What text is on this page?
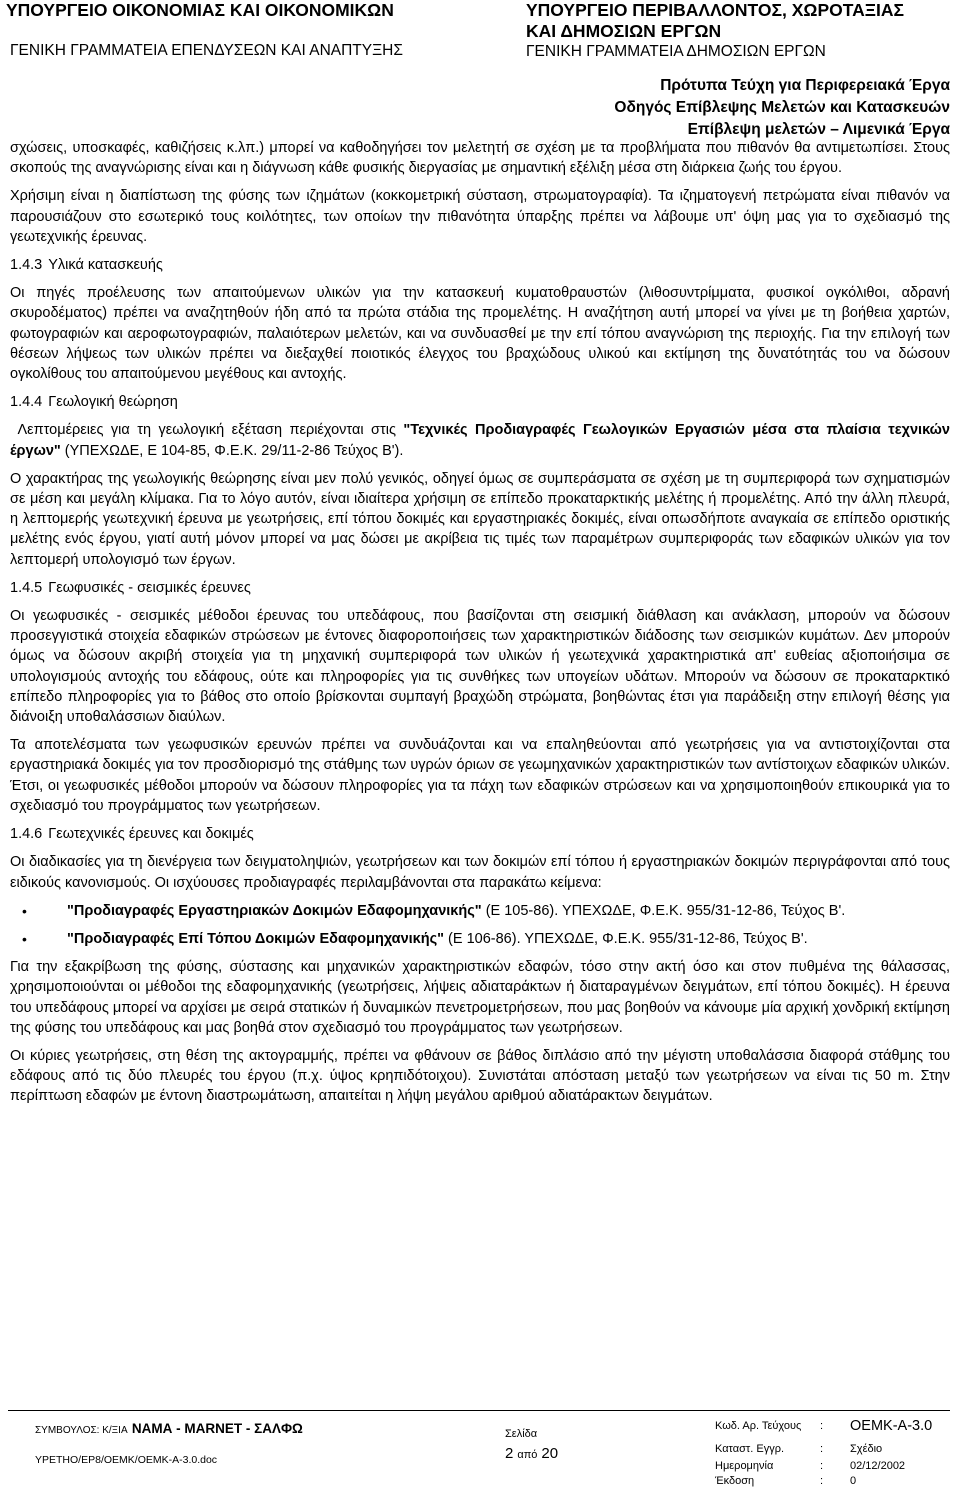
ΥΠΟΥΡΓΕΙΟ ΟΙΚΟΝΟΜΙΑΣ ΚΑΙ ΟΙΚΟΝΟΜΙΚΩΝ
ΓΕΝΙΚΗ ΓΡΑΜΜΑΤΕΙΑ ΕΠΕΝΔΥΣΕΩΝ ΚΑΙ ΑΝΑΠΤΥΞΗΣ
ΥΠΟΥΡΓΕΙΟ ΠΕΡΙΒΑΛΛΟΝΤΟΣ, ΧΩΡΟΤΑΞΙΑΣ
ΚΑΙ ΔΗΜΟΣΙΩΝ ΕΡΓΩΝ
ΓΕΝΙΚΗ ΓΡΑΜΜΑΤΕΙΑ ΔΗΜΟΣΙΩΝ ΕΡΓΩΝ
Πρότυπα Τεύχη για Περιφερειακά Έργα
Οδηγός Επίβλεψης Μελετών και Κατασκευών
Επίβλεψη μελετών – Λιμενικά Έργα

σχώσεις, υποσκαφές, καθιζήσεις κ.λπ.) μπορεί να καθοδηγήσει τον μελετητή σε σχέση με τα προβλήματα που πιθανόν θα αντιμετωπίσει. Στους σκοπούς της αναγνώρισης είναι και η διάγνωση κάθε φυσικής διεργασίας με σημαντική εξέλιξη μέσα στη διάρκεια ζωής του έργου.

Χρήσιμη είναι η διαπίστωση της φύσης των ιζημάτων (κοκκομετρική σύσταση, στρωματογραφία). Τα ιζηματογενή πετρώματα είναι πιθανόν να παρουσιάζουν στο εσωτερικό τους κοιλότητες, των οποίων την πιθανότητα ύπαρξης πρέπει να λάβουμε υπ' όψη μας για το σχεδιασμό της γεωτεχνικής έρευνας.

1.4.3 Υλικά κατασκευής

Οι πηγές προέλευσης των απαιτούμενων υλικών για την κατασκευή κυματοθραυστών (λιθοσυντρίμματα, φυσικοί ογκόλιθοι, αδρανή σκυροδέματος) πρέπει να αναζητηθούν ήδη από τα πρώτα στάδια της προμελέτης. Η αναζήτηση αυτή μπορεί να γίνει με τη βοήθεια χαρτών, φωτογραφιών και αεροφωτογραφιών, παλαιότερων μελετών, και να συνδυασθεί με την επί τόπου αναγνώριση της περιοχής. Για την επιλογή των θέσεων λήψεως των υλικών πρέπει να διεξαχθεί ποιοτικός έλεγχος του βραχώδους υλικού και εκτίμηση της δυνατότητάς του να δώσουν ογκολίθους του απαιτούμενου μεγέθους και αντοχής.

1.4.4 Γεωλογική θεώρηση

Λεπτομέρειες για τη γεωλογική εξέταση περιέχονται στις "Τεχνικές Προδιαγραφές Γεωλογικών Εργασιών μέσα στα πλαίσια τεχνικών έργων" (ΥΠΕΧΩΔΕ, Ε 104-85, Φ.Ε.Κ. 29/11-2-86 Τεύχος Β').

Ο χαρακτήρας της γεωλογικής θεώρησης είναι μεν πολύ γενικός, οδηγεί όμως σε συμπεράσματα σε σχέση με τη συμπεριφορά των σχηματισμών σε μέση και μεγάλη κλίμακα. Για το λόγο αυτόν, είναι ιδιαίτερα χρήσιμη σε επίπεδο προκαταρκτικής μελέτης ή προμελέτης. Από την άλλη πλευρά, η λεπτομερής γεωτεχνική έρευνα με γεωτρήσεις, επί τόπου δοκιμές και εργαστηριακές δοκιμές, είναι οπωσδήποτε αναγκαία σε επίπεδο οριστικής μελέτης ενός έργου, γιατί αυτή μόνον μπορεί να μας δώσει με ακρίβεια τις τιμές των παραμέτρων συμπεριφοράς των εδαφικών υλικών για τον λεπτομερή υπολογισμό των έργων.

1.4.5 Γεωφυσικές - σεισμικές έρευνες

Οι γεωφυσικές - σεισμικές μέθοδοι έρευνας του υπεδάφους, που βασίζονται στη σεισμική διάθλαση και ανάκλαση, μπορούν να δώσουν προσεγγιστικά στοιχεία εδαφικών στρώσεων με έντονες διαφοροποιήσεις των χαρακτηριστικών διάδοσης των σεισμικών κυμάτων. Δεν μπορούν όμως να δώσουν ακριβή στοιχεία για τη μηχανική συμπεριφορά των υλικών ή γεωτεχνικά χαρακτηριστικά απ' ευθείας αξιοποιήσιμα σε υπολογισμούς αντοχής του εδάφους, ούτε και πληροφορίες για τις συνθήκες των υπογείων υδάτων. Μπορούν να δώσουν σε προκαταρκτικό επίπεδο πληροφορίες για το βάθος στο οποίο βρίσκονται συμπαγή βραχώδη στρώματα, βοηθώντας έτσι για παράδειξη στην επιλογή θέσης για διάνοιξη υποθαλάσσιων διαύλων.

Τα αποτελέσματα των γεωφυσικών ερευνών πρέπει να συνδυάζονται και να επαληθεύονται από γεωτρήσεις για να αντιστοιχίζονται στα εργαστηριακά δοκιμές για τον προσδιορισμό της στάθμης των υγρών όριων σε γεωμηχανικών χαρακτηριστικών των αντίστοιχων εδαφικών υλικών. Έτσι, οι γεωφυσικές μέθοδοι μπορούν να δώσουν πληροφορίες για τα πάχη των εδαφικών στρώσεων και να χρησιμοποιηθούν επικουρικά για το σχεδιασμό του προγράμματος των γεωτρήσεων.

1.4.6 Γεωτεχνικές έρευνες και δοκιμές

Οι διαδικασίες για τη διενέργεια των δειγματοληψιών, γεωτρήσεων και των δοκιμών επί τόπου ή εργαστηριακών δοκιμών περιγράφονται από τους ειδικούς κανονισμούς. Οι ισχύουσες προδιαγραφές περιλαμβάνονται στα παρακάτω κείμενα:

•	"Προδιαγραφές Εργαστηριακών Δοκιμών Εδαφομηχανικής" (Ε 105-86). ΥΠΕΧΩΔΕ, Φ.Ε.Κ. 955/31-12-86, Τεύχος Β'.
•	"Προδιαγραφές Επί Τόπου Δοκιμών Εδαφομηχανικής" (Ε 106-86). ΥΠΕΧΩΔΕ, Φ.Ε.Κ. 955/31-12-86, Τεύχος Β'.

Για την εξακρίβωση της φύσης, σύστασης και μηχανικών χαρακτηριστικών εδαφών, τόσο στην ακτή όσο και στον πυθμένα της θάλασσας, χρησιμοποιούνται οι μέθοδοι της εδαφομηχανικής (γεωτρήσεις, λήψεις αδιαταράκτων ή διαταραγμένων δειγμάτων, επί τόπου δοκιμές). Η έρευνα του υπεδάφους μπορεί να αρχίσει με σειρά στατικών ή δυναμικών πενετρομετρήσεων, που μας βοηθούν να κάνουμε μία αρχική χονδρική εκτίμηση της φύσης του υπεδάφους και μας βοηθά στον σχεδιασμό του προγράμματος των γεωτρήσεων.

Οι κύριες γεωτρήσεις, στη θέση της ακτογραμμής, πρέπει να φθάνουν σε βάθος διπλάσιο από την μέγιστη υποθαλάσσια διαφορά στάθμης του εδάφους από τις δύο πλευρές του έργου (π.χ. ύψος κρηπιδότοιχου). Συνιστάται απόσταση μεταξύ των γεωτρήσεων να είναι τις 50 m. Στην περίπτωση εδαφών με έντονη διαστρωμάτωση, απαιτείται η λήψη μεγάλου αριθμού αδιατάρακτων δειγμάτων.

ΣΥΜΒΟΥΛΟΣ: Κ/ΞΙΑ ΝΑΜΑ - ΜΑRΝΕΤ - ΣΑΛΦΩ
ΥΡΕΤΗΟ/ΕΡ8/ΟΕΜΚ/ΟΕΜΚ-Α-3.0.doc
Σελίδα
2 από 20
Κωδ. Αρ. Τεύχους	: ΟΕΜΚ-Α-3.0
Καταστ. Εγγρ.	: Σχέδιο
Ημερομηνία	: 02/12/2002
Έκδοση	: 0
